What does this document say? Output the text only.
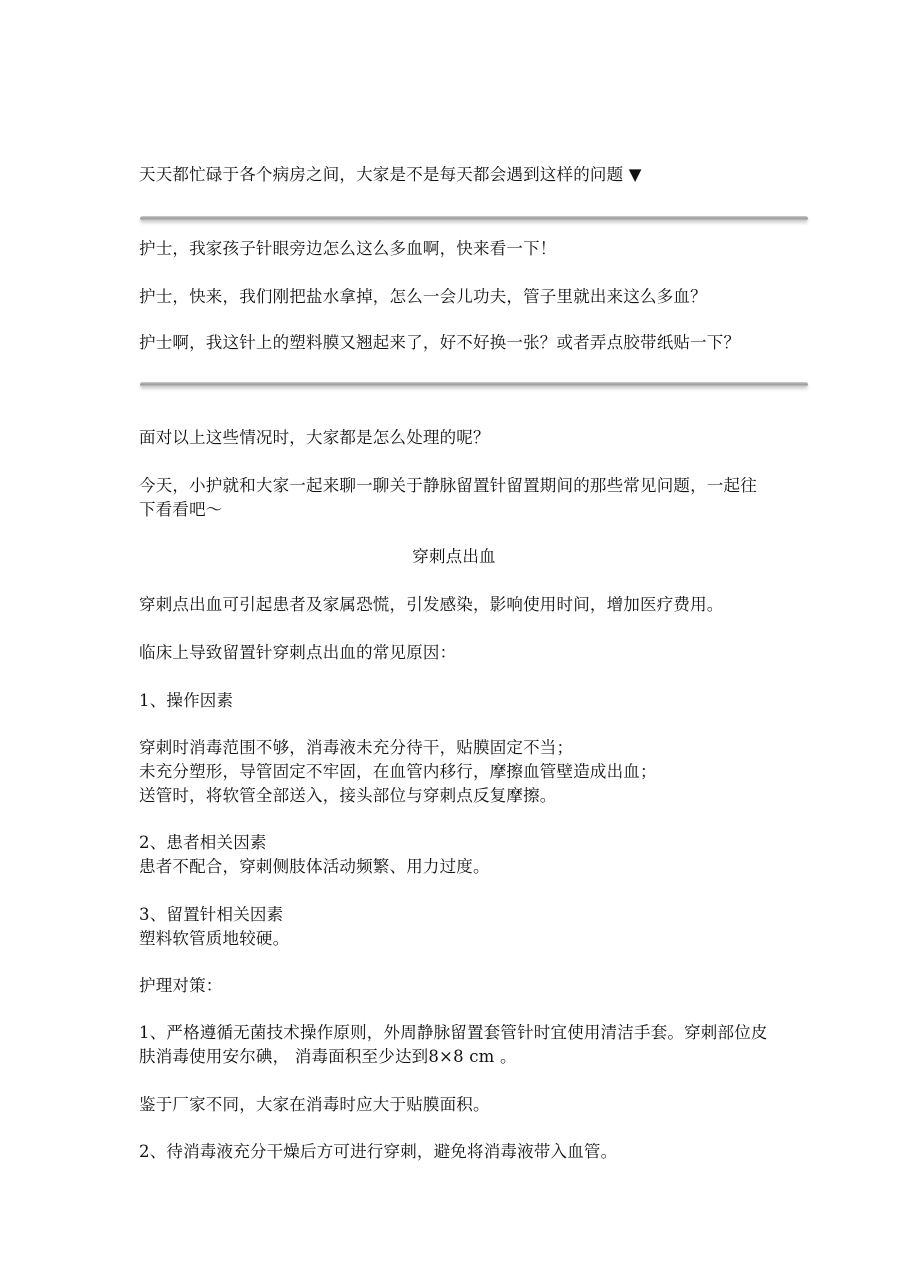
天天都忙碌于各个病房之间，大家是不是每天都会遇到这样的问题 ▼
护士，我家孩子针眼旁边怎么这么多血啊，快来看一下！
护士，快来，我们刚把盐水拿掉，怎么一会儿功夫，管子里就出来这么多血？
护士啊，我这针上的塑料膜又翘起来了，好不好换一张？或者弄点胶带纸贴一下？
面对以上这些情况时，大家都是怎么处理的呢？
今天，小护就和大家一起来聊一聊关于静脉留置针留置期间的那些常见问题，一起往下看看吧～
穿刺点出血
穿刺点出血可引起患者及家属恐慌，引发感染，影响使用时间，增加医疗费用。
临床上导致留置针穿刺点出血的常见原因：
1、操作因素
穿刺时消毒范围不够，消毒液未充分待干，贴膜固定不当；
未充分塑形，导管固定不牢固，在血管内移行，摩擦血管壁造成出血；
送管时，将软管全部送入，接头部位与穿刺点反复摩擦。
2、患者相关因素
患者不配合，穿刺侧肢体活动频繁、用力过度。
3、留置针相关因素
塑料软管质地较硬。
护理对策：
1、严格遵循无菌技术操作原则，外周静脉留置套管针时宜使用清洁手套。穿刺部位皮肤消毒使用安尔碘， 消毒面积至少达到8×8 cm 。
鉴于厂家不同，大家在消毒时应大于贴膜面积。
2、待消毒液充分干燥后方可进行穿刺，避免将消毒液带入血管。
